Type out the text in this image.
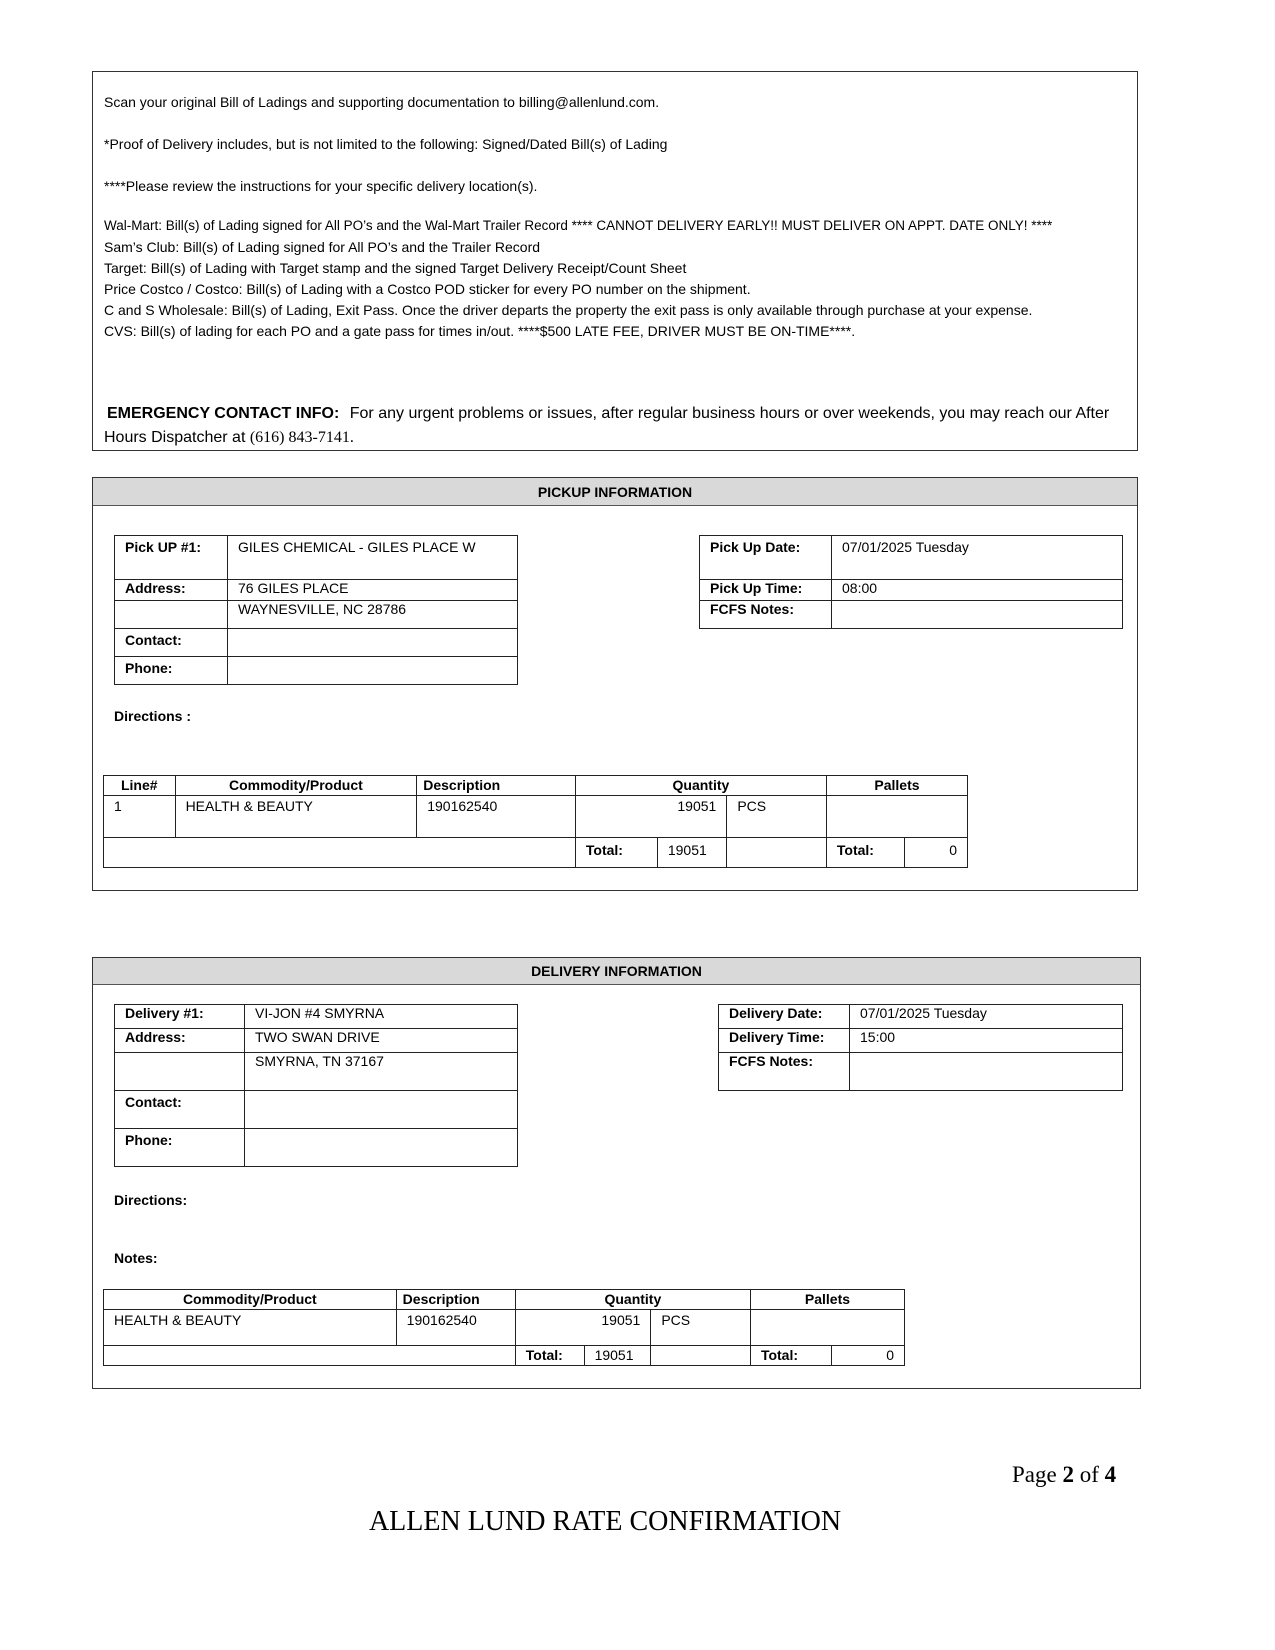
Scan your original Bill of Ladings and supporting documentation to billing@allenlund.com.
*Proof of Delivery includes, but is not limited to the following: Signed/Dated Bill(s) of Lading
****Please review the instructions for your specific delivery location(s).
Wal-Mart: Bill(s) of Lading signed for All PO’s and the Wal-Mart Trailer Record **** CANNOT DELIVERY EARLY!! MUST DELIVER ON APPT. DATE ONLY! ****
Sam’s Club: Bill(s) of Lading signed for All PO’s and the Trailer Record
Target: Bill(s) of Lading with Target stamp and the signed Target Delivery Receipt/Count Sheet
Price Costco / Costco: Bill(s) of Lading with a Costco POD sticker for every PO number on the shipment.
C and S Wholesale: Bill(s) of Lading, Exit Pass. Once the driver departs the property the exit pass is only available through purchase at your expense.
CVS: Bill(s) of lading for each PO and a gate pass for times in/out. ****$500 LATE FEE, DRIVER MUST BE ON-TIME****.
EMERGENCY CONTACT INFO: For any urgent problems or issues, after regular business hours or over weekends, you may reach our After
Hours Dispatcher at (616) 843-7141.
PICKUP INFORMATION
Pick UP #1:	GILES CHEMICAL - GILES PLACE W
Address:	76 GILES PLACE
	WAYNESVILLE, NC 28786
Contact:	
Phone:	
Pick Up Date:	07/01/2025 Tuesday
Pick Up Time:	08:00
FCFS Notes:	
Directions :
Line#	Commodity/Product	Description	Quantity			Pallets	
1	HEALTH & BEAUTY	190162540	19051		PCS		
			Total:	19051		Total:	0
DELIVERY INFORMATION
Delivery #1:	VI-JON #4 SMYRNA
Address:	TWO SWAN DRIVE
	SMYRNA, TN 37167
Contact:	
Phone:	
Delivery Date:	07/01/2025 Tuesday
Delivery Time:	15:00
FCFS Notes:	
Directions:
Notes:
Commodity/Product	Description	Quantity			Pallets	
HEALTH & BEAUTY	190162540	19051		PCS		
		Total:	19051		Total:	0
Page 2 of 4
ALLEN LUND RATE CONFIRMATION
